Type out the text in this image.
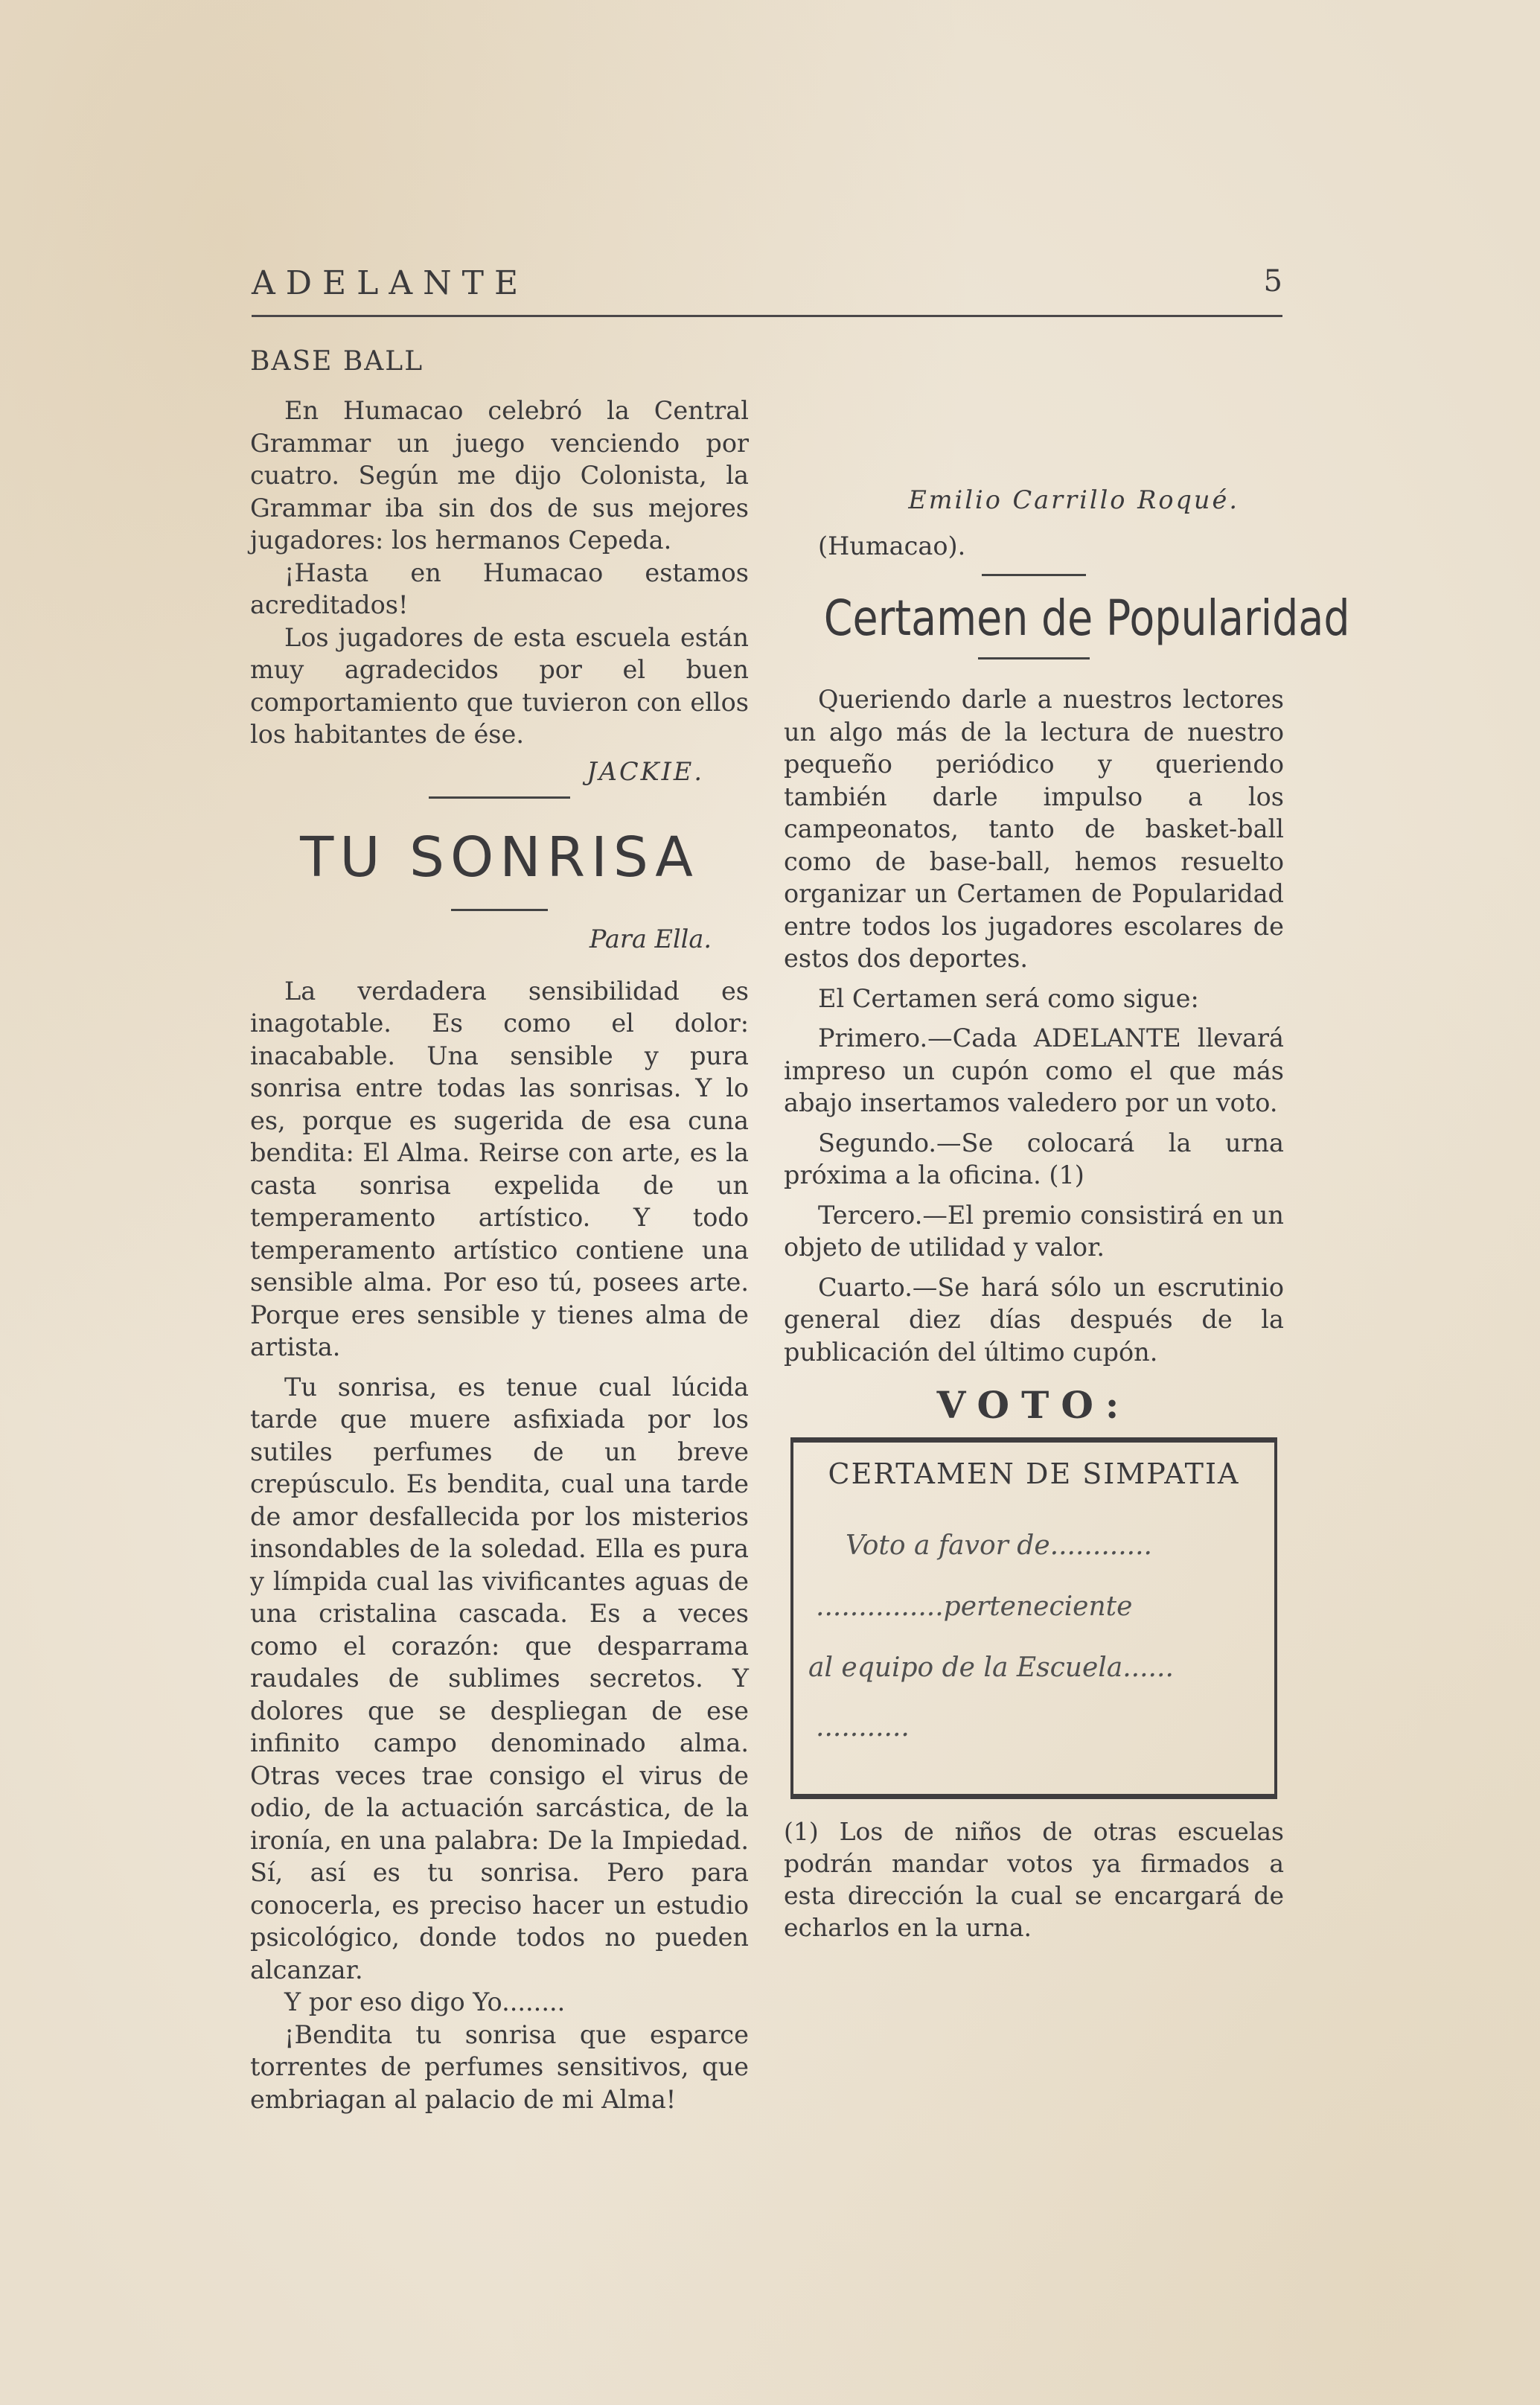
ADELANTE	5
BASE BALL

En Humacao celebró la Central Grammar un juego venciendo por cuatro. Según me dijo Colonista, la Grammar iba sin dos de sus mejores jugadores: los hermanos Cepeda.

¡Hasta en Humacao estamos acreditados!

Los jugadores de esta escuela están muy agradecidos por el buen comportamiento que tuvieron con ellos los habitantes de ése.

JACKIE.

TU SONRISA

Para Ella.

La verdadera sensibilidad es inagotable. Es como el dolor: inacabable. Una sensible y pura sonrisa entre todas las sonrisas. Y lo es, porque es sugerida de esa cuna bendita: El Alma. Reirse con arte, es la casta sonrisa expelida de un temperamento artístico. Y todo temperamento artístico contiene una sensible alma. Por eso tú, posees arte. Porque eres sensible y tienes alma de artista.

Tu sonrisa, es tenue cual lúcida tarde que muere asfixiada por los sutiles perfumes de un breve crepúsculo. Es bendita, cual una tarde de amor desfallecida por los misterios insondables de la soledad. Ella es pura y límpida cual las vivificantes aguas de una cristalina cascada. Es a veces como el corazón: que desparrama raudales de sublimes secretos. Y dolores que se despliegan de ese infinito campo denominado alma. Otras veces trae consigo el virus de odio, de la actuación sarcástica, de la ironía, en una palabra: De la Impiedad. Sí, así es tu sonrisa. Pero para conocerla, es preciso hacer un estudio psicológico, donde todos no pueden alcanzar.

Y por eso digo Yo........

¡Bendita tu sonrisa que esparce torrentes de perfumes sensitivos, que embriagan al palacio de mi Alma!

Emilio Carrillo Roqué.

(Humacao).

Certamen de Popularidad

Queriendo darle a nuestros lectores un algo más de la lectura de nuestro pequeño periódico y queriendo también darle impulso a los campeonatos, tanto de basket-ball como de base-ball, hemos resuelto organizar un Certamen de Popularidad entre todos los jugadores escolares de estos dos deportes.

El Certamen será como sigue:

Primero.—Cada ADELANTE llevará impreso un cupón como el que más abajo insertamos valedero por un voto.

Segundo.—Se colocará la urna próxima a la oficina. (1)

Tercero.—El premio consistirá en un objeto de utilidad y valor.

Cuarto.—Se hará sólo un escrutinio general diez días después de la publicación del último cupón.

VOTO:
CERTAMEN DE SIMPATIA
Voto a favor de............
...............perteneciente
al equipo de la Escuela......
...........

(1) Los de niños de otras escuelas podrán mandar votos ya firmados a esta dirección la cual se encargará de echarlos en la urna.
